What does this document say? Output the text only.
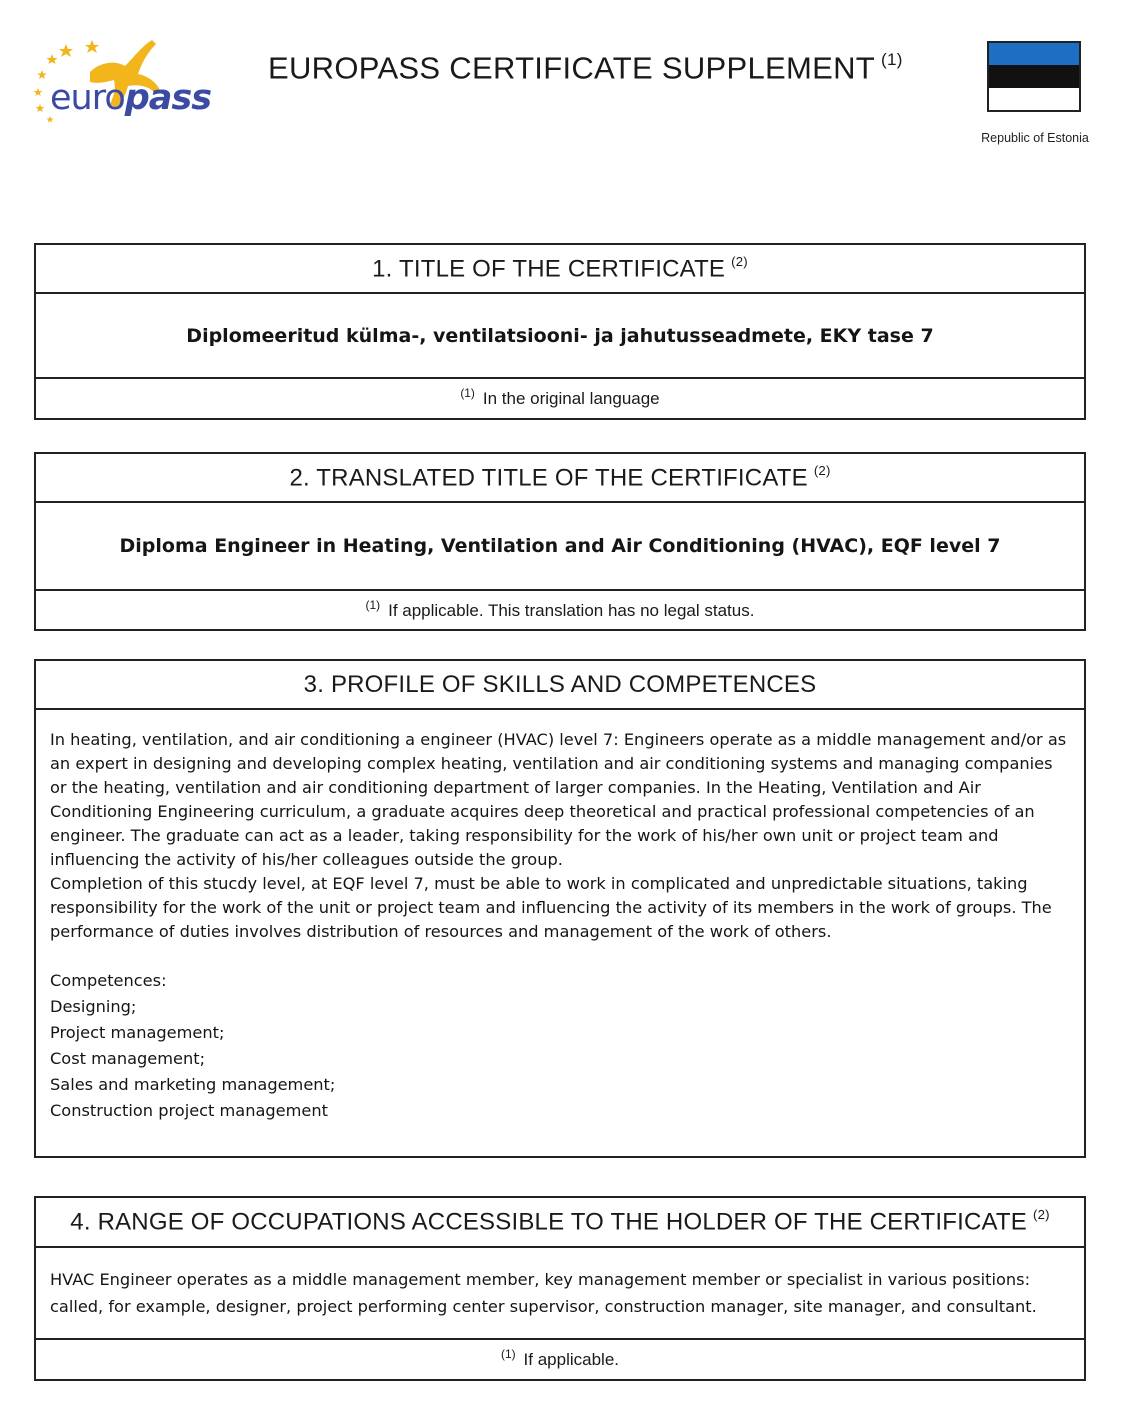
europass
EUROPASS CERTIFICATE SUPPLEMENT $^{(1)}$
Republic of Estonia
1. TITLE OF THE CERTIFICATE $^{(2)}$
Diplomeeritud külma-, ventilatsiooni- ja jahutusseadmete, EKY tase 7
$^{(1)}$ In the original language
2. TRANSLATED TITLE OF THE CERTIFICATE $^{(2)}$
Diploma Engineer in Heating, Ventilation and Air Conditioning (HVAC), EQF level 7
$^{(1)}$ If applicable. This translation has no legal status.
3. PROFILE OF SKILLS AND COMPETENCES
In heating, ventilation, and air conditioning a engineer (HVAC) level 7: Engineers operate as a middle management and/or as an expert in designing and developing complex heating, ventilation and air conditioning systems and managing companies or the heating, ventilation and air conditioning department of larger companies. In the Heating, Ventilation and Air Conditioning Engineering curriculum, a graduate acquires deep theoretical and practical professional competencies of an engineer. The graduate can act as a leader, taking responsibility for the work of his/her own unit or project team and influencing the activity of his/her colleagues outside the group.
Completion of this stucdy level, at EQF level 7, must be able to work in complicated and unpredictable situations, taking responsibility for the work of the unit or project team and influencing the activity of its members in the work of groups. The performance of duties involves distribution of resources and management of the work of others.
Competences:
Designing;
Project management;
Cost management;
Sales and marketing management;
Construction project management
4. RANGE OF OCCUPATIONS ACCESSIBLE TO THE HOLDER OF THE CERTIFICATE $^{(2)}$
HVAC Engineer operates as a middle management member, key management member or specialist in various positions: called, for example, designer, project performing center supervisor, construction manager, site manager, and consultant.
$^{(1)}$ If applicable.
